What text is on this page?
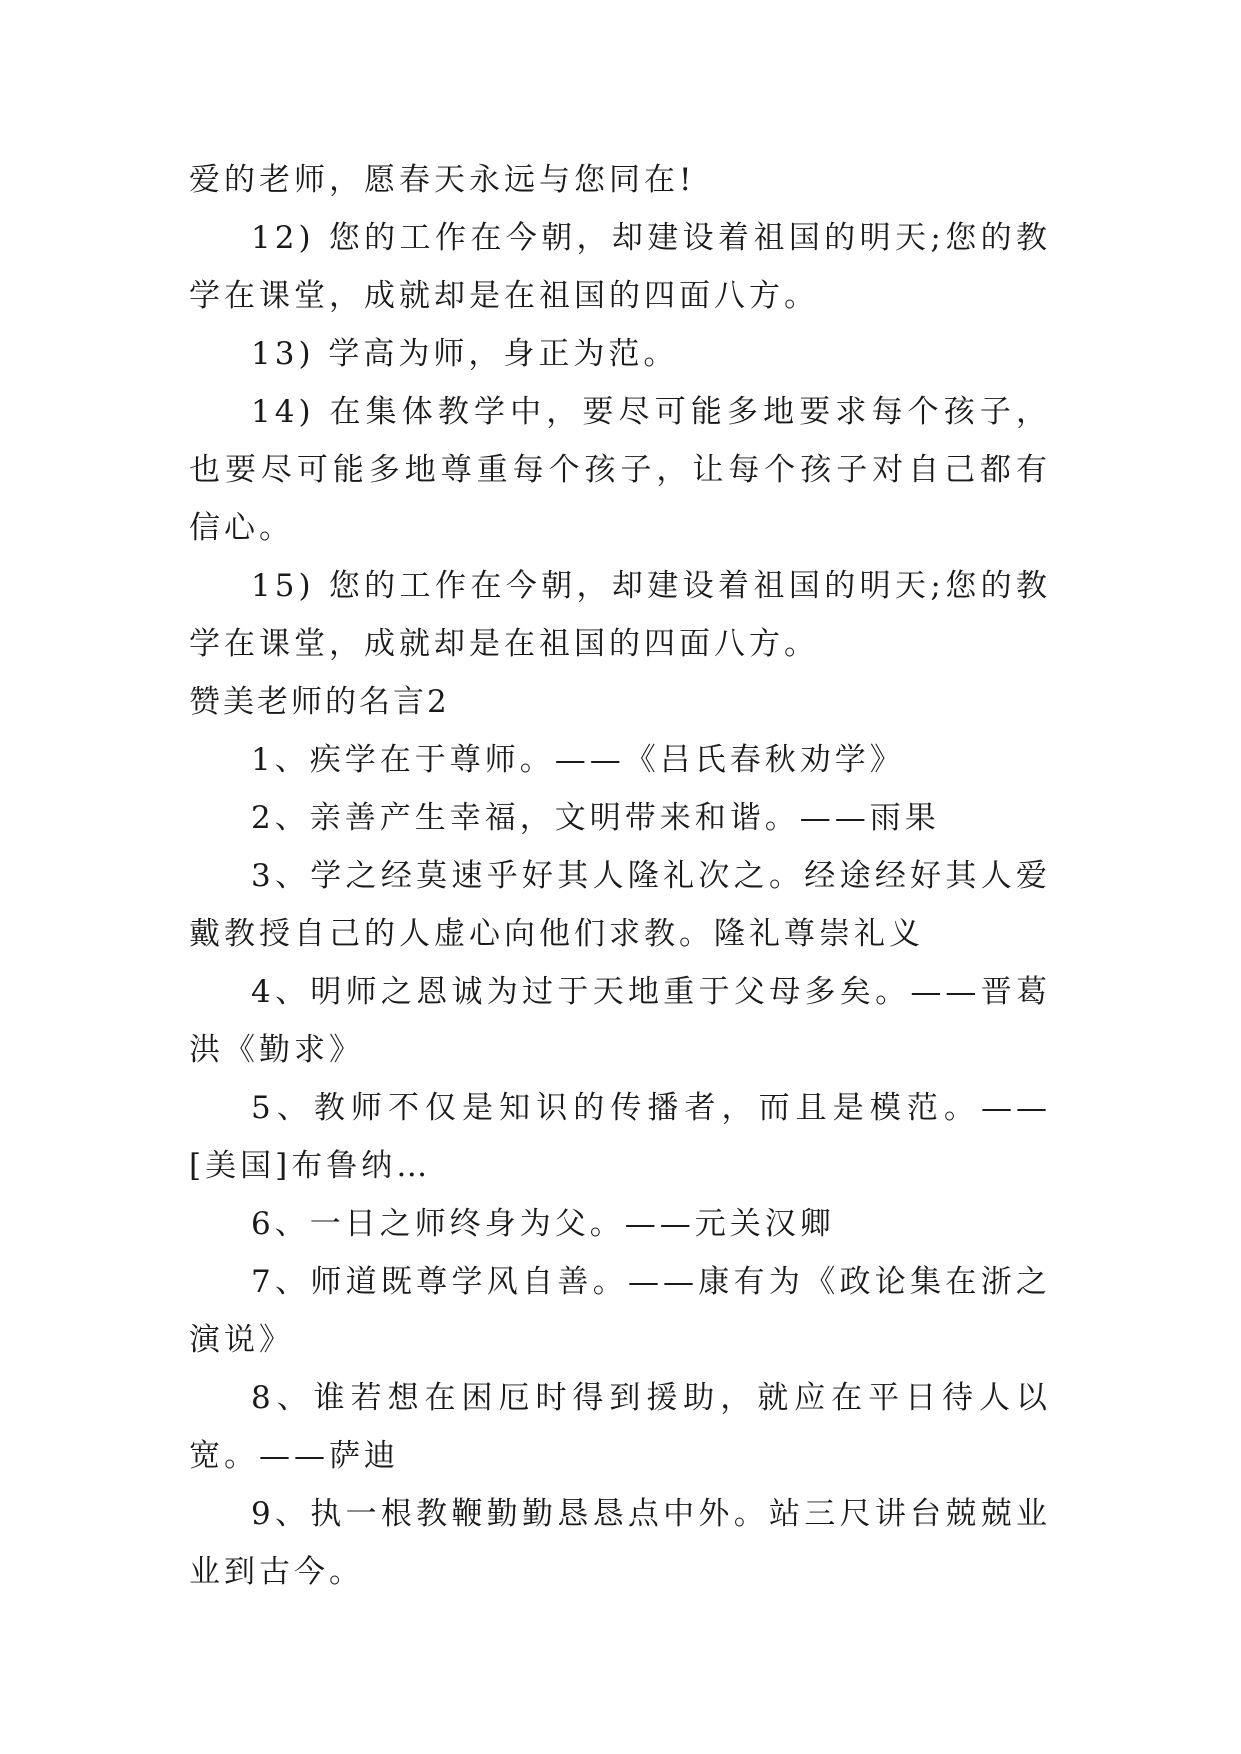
爱的老师，愿春天永远与您同在!

12) 您的工作在今朝，却建设着祖国的明天;您的教学在课堂，成就却是在祖国的四面八方。

13) 学高为师，身正为范。

14) 在集体教学中，要尽可能多地要求每个孩子，也要尽可能多地尊重每个孩子，让每个孩子对自己都有信心。

15) 您的工作在今朝，却建设着祖国的明天;您的教学在课堂，成就却是在祖国的四面八方。

赞美老师的名言2

1、疾学在于尊师。——《吕氏春秋劝学》

2、亲善产生幸福，文明带来和谐。——雨果

3、学之经莫速乎好其人隆礼次之。经途经好其人爱戴教授自己的人虚心向他们求教。隆礼尊崇礼义

4、明师之恩诚为过于天地重于父母多矣。——晋葛洪《勤求》

5、教师不仅是知识的传播者，而且是模范。——[美国]布鲁纳…

6、一日之师终身为父。——元关汉卿

7、师道既尊学风自善。——康有为《政论集在浙之演说》

8、谁若想在困厄时得到援助，就应在平日待人以宽。——萨迪

9、执一根教鞭勤勤恳恳点中外。站三尺讲台兢兢业业到古今。
